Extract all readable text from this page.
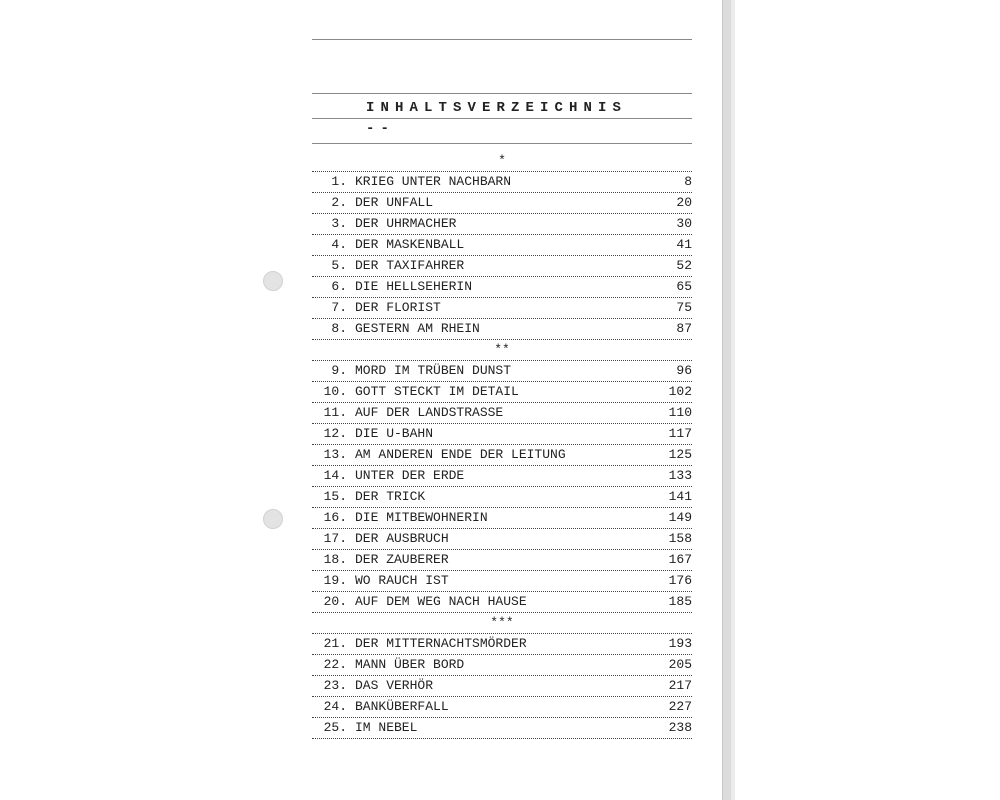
INHALTSVERZEICHNIS
--
*
1. KRIEG UNTER NACHBARN	8
2. DER UNFALL	20
3. DER UHRMACHER	30
4. DER MASKENBALL	41
5. DER TAXIFAHRER	52
6. DIE HELLSEHERIN	65
7. DER FLORIST	75
8. GESTERN AM RHEIN	87
**
9. MORD IM TRÜBEN DUNST	96
10. GOTT STECKT IM DETAIL	102
11. AUF DER LANDSTRASSE	110
12. DIE U-BAHN	117
13. AM ANDEREN ENDE DER LEITUNG	125
14. UNTER DER ERDE	133
15. DER TRICK	141
16. DIE MITBEWOHNERIN	149
17. DER AUSBRUCH	158
18. DER ZAUBERER	167
19. WO RAUCH IST	176
20. AUF DEM WEG NACH HAUSE	185
***
21. DER MITTERNACHTSMÖRDER	193
22. MANN ÜBER BORD	205
23. DAS VERHÖR	217
24. BANKÜBERFALL	227
25. IM NEBEL	238
